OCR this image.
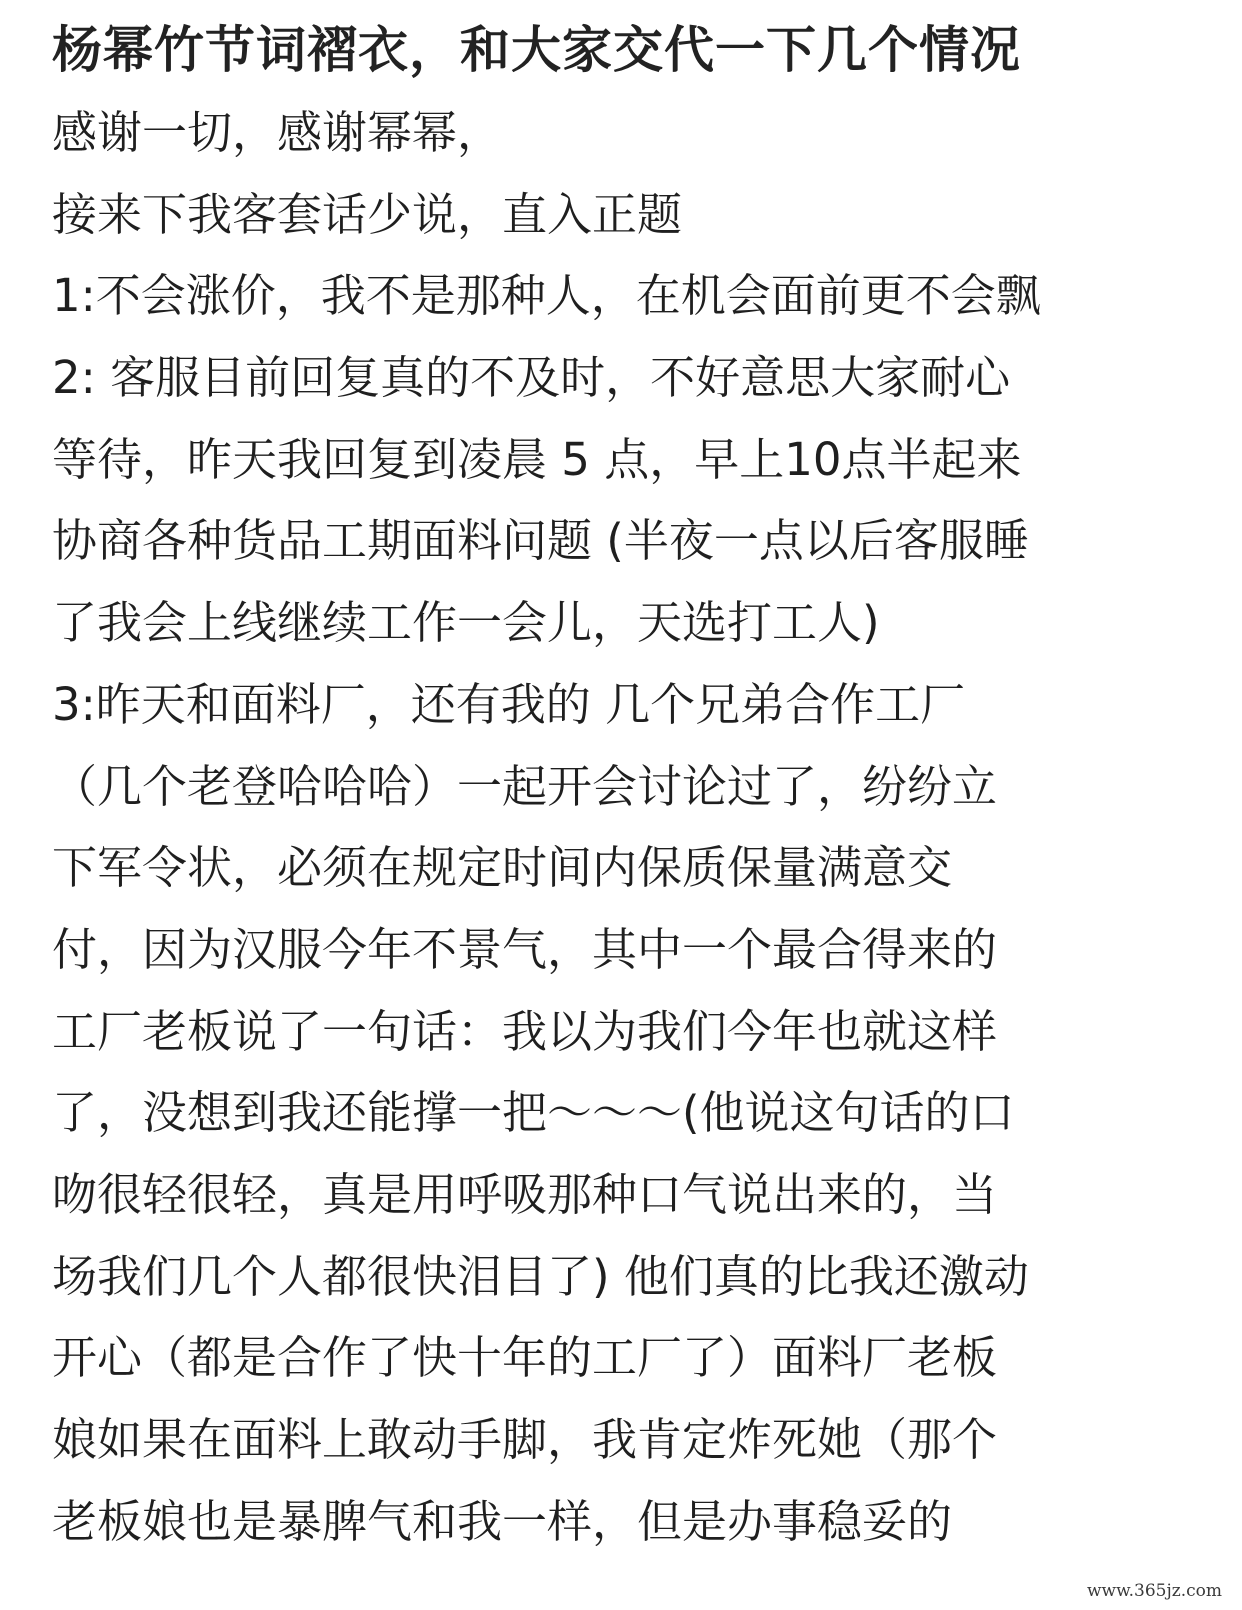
杨幂竹节词褶衣，和大家交代一下几个情况
感谢一切，感谢幂幂，
接来下我客套话少说，直入正题
1:不会涨价，我不是那种人，在机会面前更不会飘
2: 客服目前回复真的不及时，不好意思大家耐心
等待，昨天我回复到凌晨 5 点，早上10点半起来
协商各种货品工期面料问题 (半夜一点以后客服睡
了我会上线继续工作一会儿，天选打工人)
3:昨天和面料厂，还有我的 几个兄弟合作工厂
（几个老登哈哈哈）一起开会讨论过了，纷纷立
下军令状，必须在规定时间内保质保量满意交
付，因为汉服今年不景气，其中一个最合得来的
工厂老板说了一句话：我以为我们今年也就这样
了，没想到我还能撑一把～～～(他说这句话的口
吻很轻很轻，真是用呼吸那种口气说出来的，当
场我们几个人都很快泪目了) 他们真的比我还激动
开心（都是合作了快十年的工厂了）面料厂老板
娘如果在面料上敢动手脚，我肯定炸死她（那个
老板娘也是暴脾气和我一样，但是办事稳妥的
www.365jz.com
